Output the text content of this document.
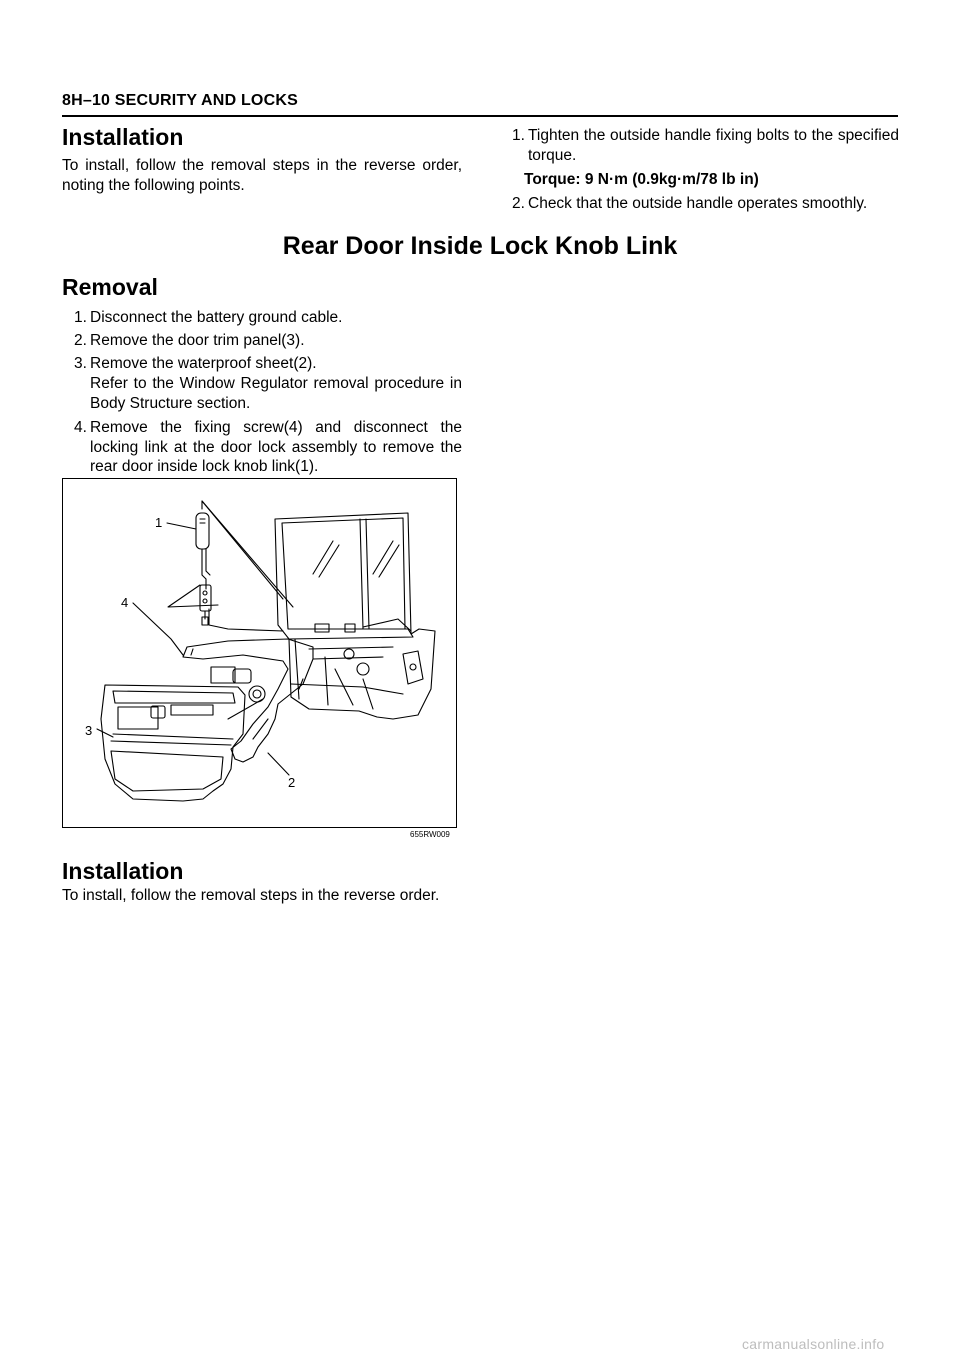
8H–10 SECURITY AND LOCKS
Installation
To install, follow the removal steps in the reverse order, noting the following points.
1. Tighten the outside handle fixing bolts to the specified torque.
Torque: 9 N·m (0.9kg·m/78 lb in)
2. Check that the outside handle operates smoothly.
Rear Door Inside Lock Knob Link
Removal
1. Disconnect the battery ground cable.
2. Remove the door trim panel(3).
3. Remove the waterproof sheet(2).
Refer to the Window Regulator removal procedure in Body Structure section.
4. Remove the fixing screw(4) and disconnect the locking link at the door lock assembly to remove the rear door inside lock knob link(1).
1
2
3
4
655RW009
Installation
To install, follow the removal steps in the reverse order.
carmanualsonline.info
